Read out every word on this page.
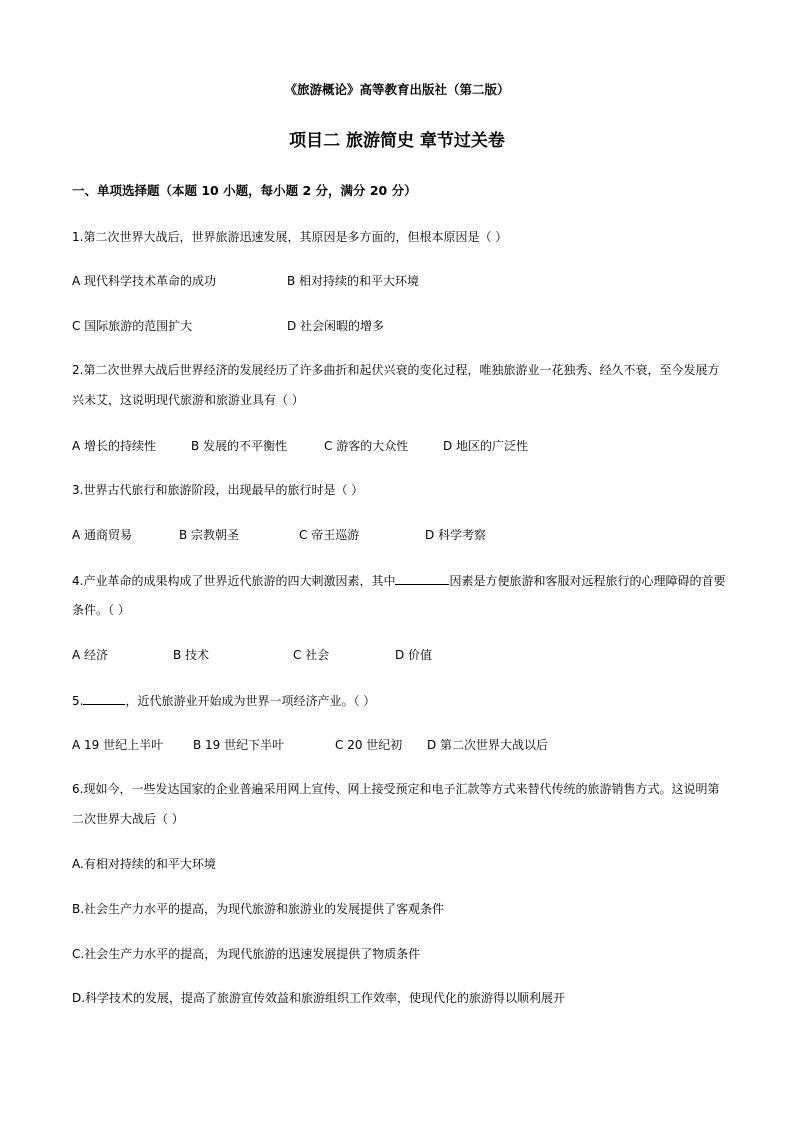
《旅游概论》高等教育出版社（第二版）
项目二 旅游简史 章节过关卷
一、单项选择题（本题 10 小题，每小题 2 分，满分 20 分）
1.第二次世界大战后，世界旅游迅速发展，其原因是多方面的，但根本原因是（ ）
A 现代科学技术革命的成功	B 相对持续的和平大环境
C 国际旅游的范围扩大	D 社会闲暇的增多
2.第二次世界大战后世界经济的发展经历了许多曲折和起伏兴衰的变化过程，唯独旅游业一花独秀、经久不衰，至今发展方
兴未艾，这说明现代旅游和旅游业具有（ ）
A 增长的持续性	B 发展的不平衡性	C 游客的大众性	D 地区的广泛性
3.世界古代旅行和旅游阶段，出现最早的旅行时是（ ）
A 通商贸易	B 宗教朝圣	C 帝王巡游	D 科学考察
4.产业革命的成果构成了世界近代旅游的四大刺激因素，其中	因素是方便旅游和客服对远程旅行的心理障碍的首要
条件。（ ）
A 经济	B 技术	C 社会	D 价值
5.	，近代旅游业开始成为世界一项经济产业。（ ）
A 19 世纪上半叶 B 19 世纪下半叶	C 20 世纪初 D 第二次世界大战以后
6.现如今，一些发达国家的企业普遍采用网上宣传、网上接受预定和电子汇款等方式来替代传统的旅游销售方式。这说明第
二次世界大战后（ ）
A.有相对持续的和平大环境
B.社会生产力水平的提高，为现代旅游和旅游业的发展提供了客观条件
C.社会生产力水平的提高，为现代旅游的迅速发展提供了物质条件
D.科学技术的发展，提高了旅游宣传效益和旅游组织工作效率，使现代化的旅游得以顺利展开
